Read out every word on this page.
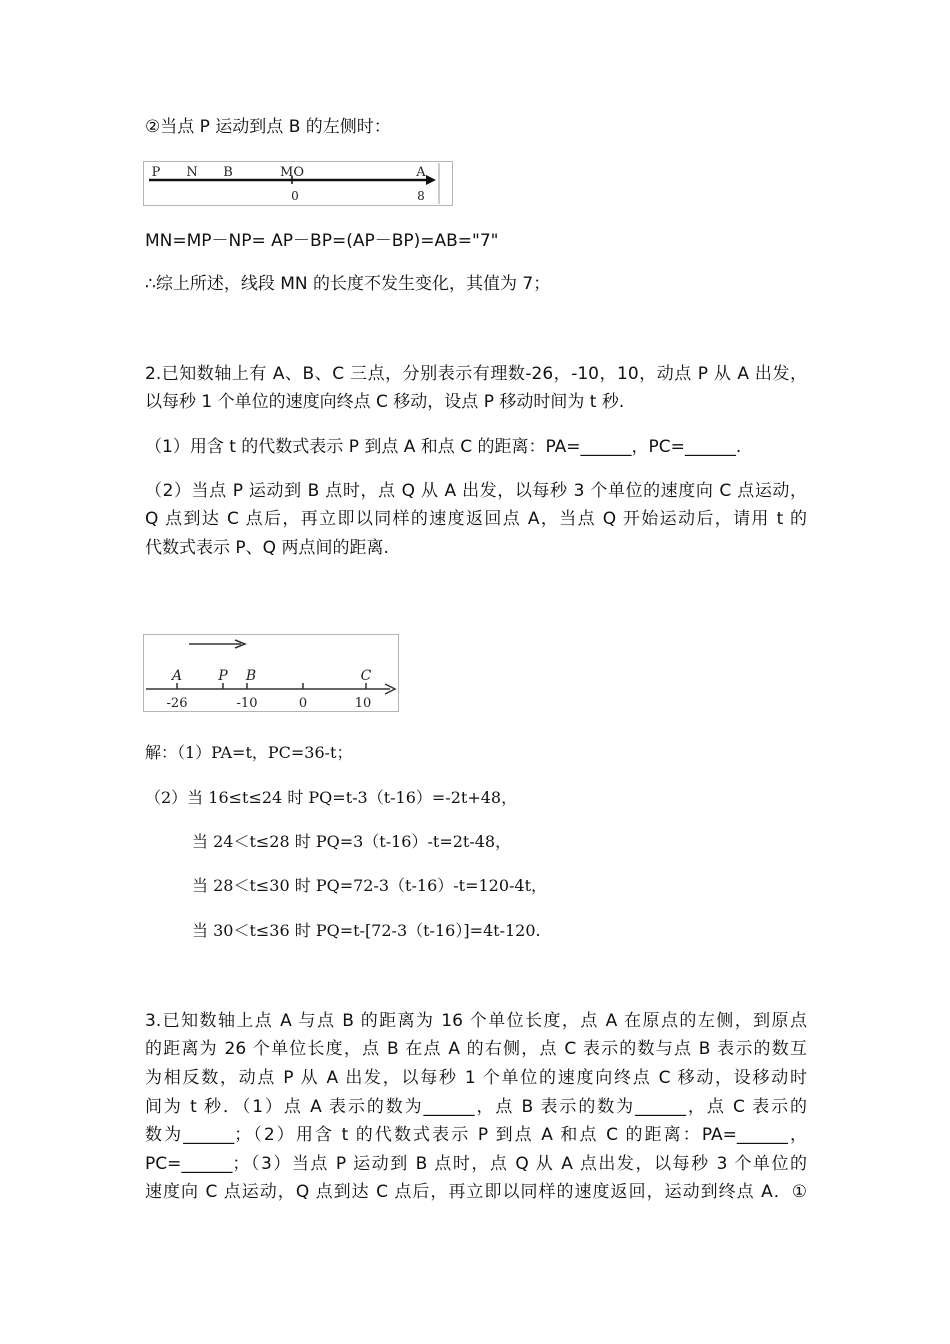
②当点 P 运动到点 B 的左侧时：
P N B	MO	A
0	8
MN=MP－NP= AP－BP=(AP－BP)=AB="7"
∴综上所述，线段 MN 的长度不发生变化，其值为 7；
2.已知数轴上有 A、B、C 三点，分别表示有理数-26，-10，10，动点 P 从 A 出发，
以每秒 1 个单位的速度向终点 C 移动，设点 P 移动时间为 t 秒.
（1）用含 t 的代数式表示 P 到点 A 和点 C 的距离：PA=______，PC=______.
（2）当点 P 运动到 B 点时，点 Q 从 A 出发，以每秒 3 个单位的速度向 C 点运动，
Q 点到达 C 点后，再立即以同样的速度返回点 A，当点 Q 开始运动后，请用 t 的
代数式表示 P、Q 两点间的距离.
A	P B	C
-26	-10	0	10
解：（1）PA=t，PC=36-t；
（2）当 16≤t≤24 时 PQ=t-3（t-16）=-2t+48，
当 24＜t≤28 时 PQ=3（t-16）-t=2t-48，
当 28＜t≤30 时 PQ=72-3（t-16）-t=120-4t，
当 30＜t≤36 时 PQ=t-[72-3（t-16）]=4t-120.
3.已知数轴上点 A 与点 B 的距离为 16 个单位长度，点 A 在原点的左侧，到原点
的距离为 26 个单位长度，点 B 在点 A 的右侧，点 C 表示的数与点 B 表示的数互
为相反数，动点 P 从 A 出发，以每秒 1 个单位的速度向终点 C 移动，设移动时
间为 t 秒．（1）点 A 表示的数为______，点 B 表示的数为______，点 C 表示的
数为______；（2）用含 t 的代数式表示 P 到点 A 和点 C 的距离：PA=______，
PC=______；（3）当点 P 运动到 B 点时，点 Q 从 A 点出发，以每秒 3 个单位的
速度向 C 点运动，Q 点到达 C 点后，再立即以同样的速度返回，运动到终点 A．①
